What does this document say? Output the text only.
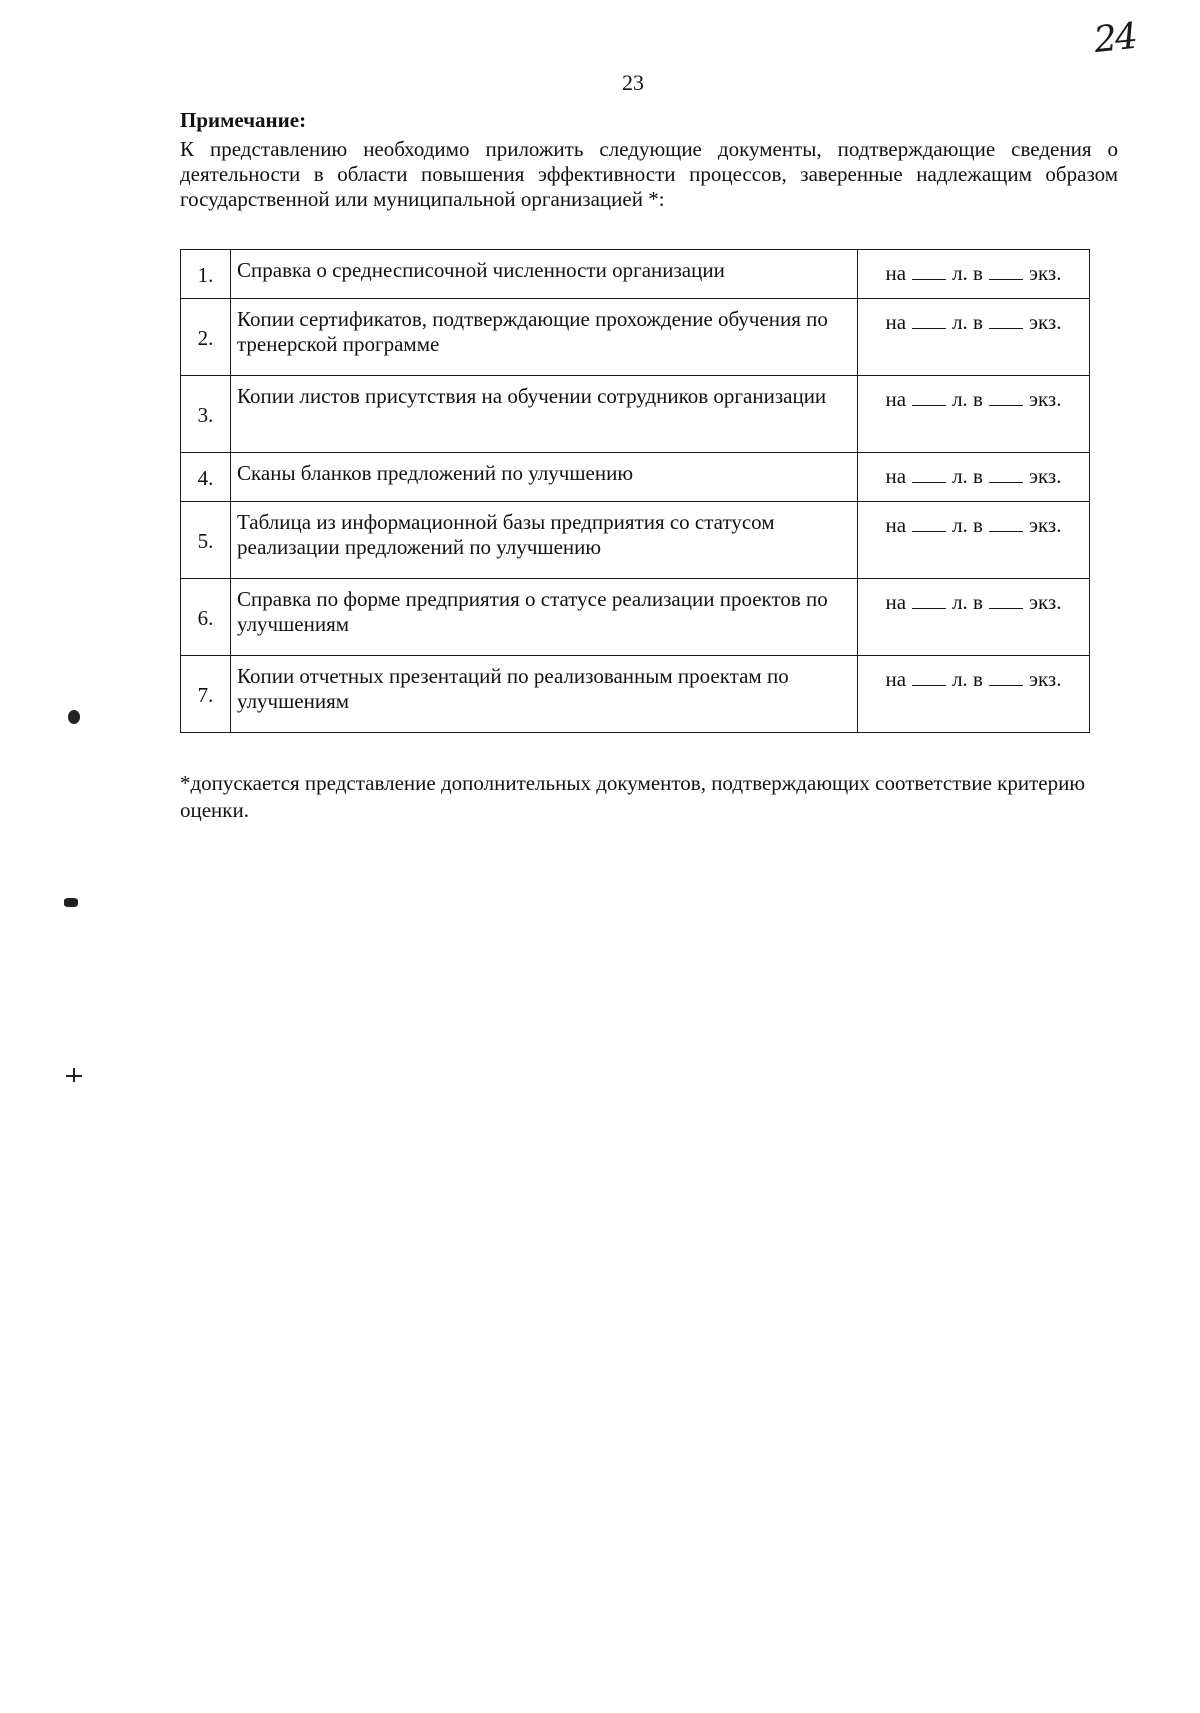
24
23
Примечание:
К представлению необходимо приложить следующие документы, подтверждающие сведения о деятельности в области повышения эффективности процессов, заверенные надлежащим образом государственной или муниципальной организацией *:
1.	Справка о среднесписочной численности организации	на л. в экз.

2.	Копии сертификатов, подтверждающие прохождение обучения по тренерской программе	на л. в экз.

3.	Копии листов присутствия на обучении сотрудников организации	на л. в экз.

4.	Сканы бланков предложений по улучшению	на л. в экз.

5.	Таблица из информационной базы предприятия со статусом реализации предложений по улучшению	на л. в экз.

6.	Справка по форме предприятия о статусе реализации проектов по улучшениям	на л. в экз.

7.	Копии отчетных презентаций по реализованным проектам по улучшениям	на л. в экз.
*допускается представление дополнительных документов, подтверждающих соответствие критерию оценки.
